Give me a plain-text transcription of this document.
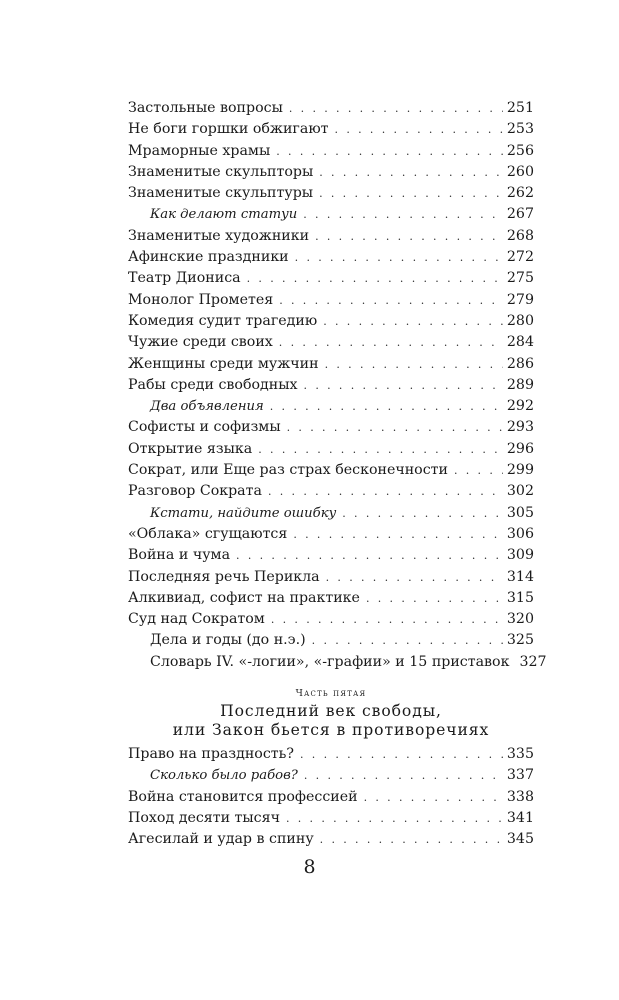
Застольные вопросы . . .	251
Не боги горшки обжигают . . .	253
Мраморные храмы . . .	256
Знаменитые скульпторы . . .	260
Знаменитые скульптуры . . .	262
Как делают статуи . . .	267
Знаменитые художники . . .	268
Афинские праздники . . .	272
Театр Диониса . . .	275
Монолог Прометея . . .	279
Комедия судит трагедию . . .	280
Чужие среди своих . . .	284
Женщины среди мужчин . . .	286
Рабы среди свободных . . .	289
Два объявления . . .	292
Софисты и софизмы . . .	293
Открытие языка . . .	296
Сократ, или Еще раз страх бесконечности . . .	299
Разговор Сократа . . .	302
Кстати, найдите ошибку . . .	305
«Облака» сгущаются . . .	306
Война и чума . . .	309
Последняя речь Перикла . . .	314
Алкивиад, софист на практике . . .	315
Суд над Сократом . . .	320
Дела и годы (до н.э.) . . .	325
Словарь IV. «-логии», «-графии» и 15 приставок 327
Часть пятая
Последний век свободы,
или Закон бьется в противоречиях
Право на праздность? . . .	335
Сколько было рабов? . . .	337
Война становится профессией . . .	338
Поход десяти тысяч . . .	341
Агесилай и удар в спину . . .	345
8
